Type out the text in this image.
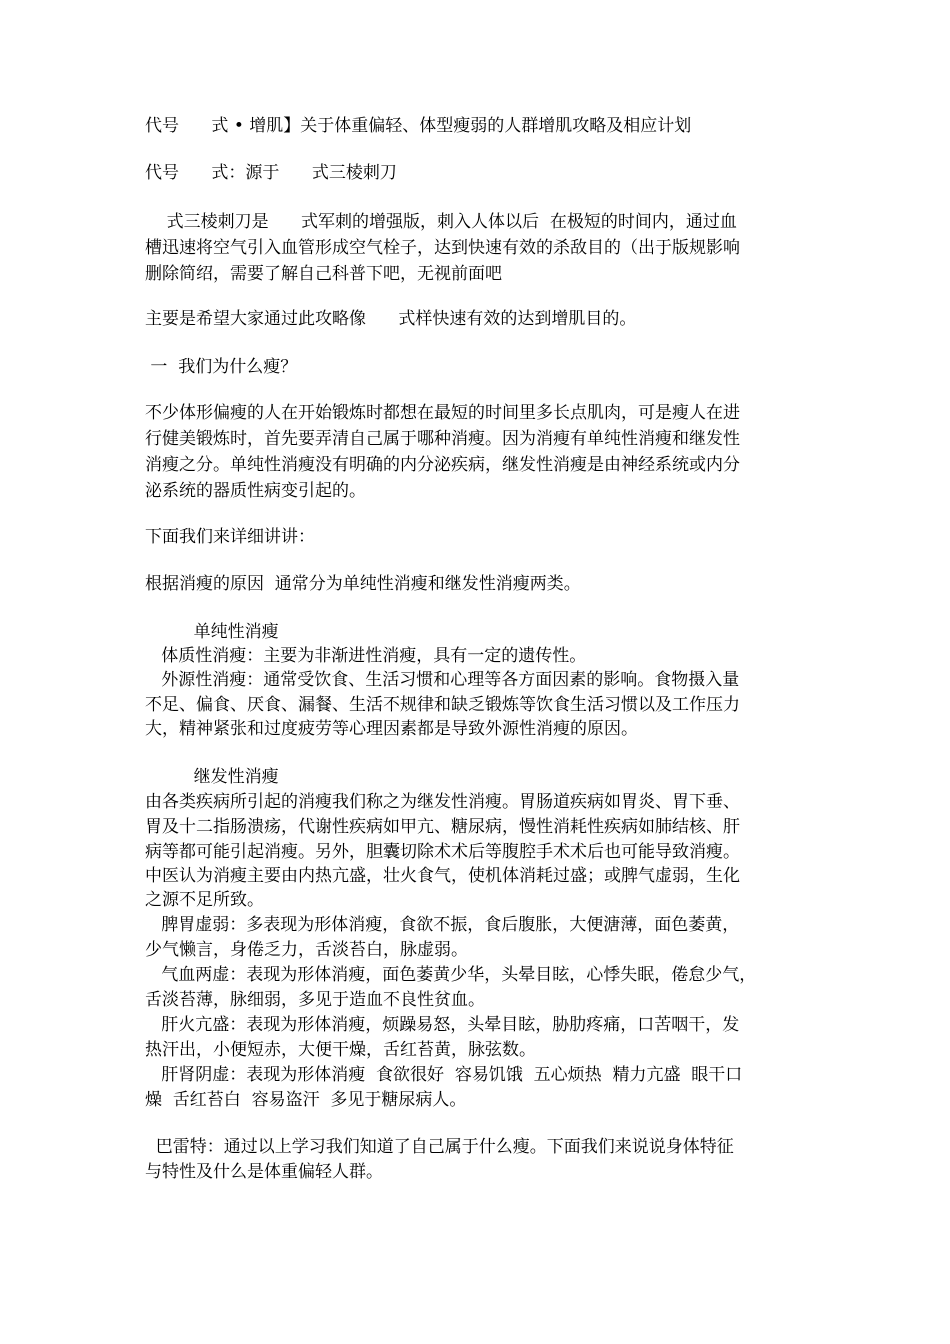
代号      式 • 增肌】关于体重偏轻、体型瘦弱的人群增肌攻略及相应计划
代号      式：源于      式三棱刺刀
式三棱刺刀是      式军刺的增强版，刺入人体以后  在极短的时间内，通过血
槽迅速将空气引入血管形成空气栓子，达到快速有效的杀敌目的（出于版规影响
删除简绍，需要了解自己科普下吧，无视前面吧
主要是希望大家通过此攻略像      式样快速有效的达到增肌目的。
一  我们为什么瘦？
不少体形偏瘦的人在开始锻炼时都想在最短的时间里多长点肌肉，可是瘦人在进
行健美锻炼时，首先要弄清自己属于哪种消瘦。因为消瘦有单纯性消瘦和继发性
消瘦之分。单纯性消瘦没有明确的内分泌疾病，继发性消瘦是由神经系统或内分
泌系统的器质性病变引起的。
下面我们来详细讲讲：
根据消瘦的原因  通常分为单纯性消瘦和继发性消瘦两类。
单纯性消瘦
体质性消瘦：主要为非渐进性消瘦，具有一定的遗传性。
外源性消瘦：通常受饮食、生活习惯和心理等各方面因素的影响。食物摄入量
不足、偏食、厌食、漏餐、生活不规律和缺乏锻炼等饮食生活习惯以及工作压力
大，精神紧张和过度疲劳等心理因素都是导致外源性消瘦的原因。
继发性消瘦
由各类疾病所引起的消瘦我们称之为继发性消瘦。胃肠道疾病如胃炎、胃下垂、
胃及十二指肠溃疡，代谢性疾病如甲亢、糖尿病，慢性消耗性疾病如肺结核、肝
病等都可能引起消瘦。另外，胆囊切除术术后等腹腔手术术后也可能导致消瘦。
中医认为消瘦主要由内热亢盛，壮火食气，使机体消耗过盛；或脾气虚弱，生化
之源不足所致。
脾胃虚弱：多表现为形体消瘦，食欲不振，食后腹胀，大便溏薄，面色萎黄，
少气懒言，身倦乏力，舌淡苔白，脉虚弱。
气血两虚：表现为形体消瘦，面色萎黄少华，头晕目眩，心悸失眠，倦怠少气，
舌淡苔薄，脉细弱，多见于造血不良性贫血。
肝火亢盛：表现为形体消瘦，烦躁易怒，头晕目眩，胁肋疼痛，口苦咽干，发
热汗出，小便短赤，大便干燥，舌红苔黄，脉弦数。
肝肾阴虚：表现为形体消瘦  食欲很好  容易饥饿  五心烦热  精力亢盛  眼干口
燥  舌红苔白  容易盗汗  多见于糖尿病人。
巴雷特：通过以上学习我们知道了自己属于什么瘦。下面我们来说说身体特征
与特性及什么是体重偏轻人群。
